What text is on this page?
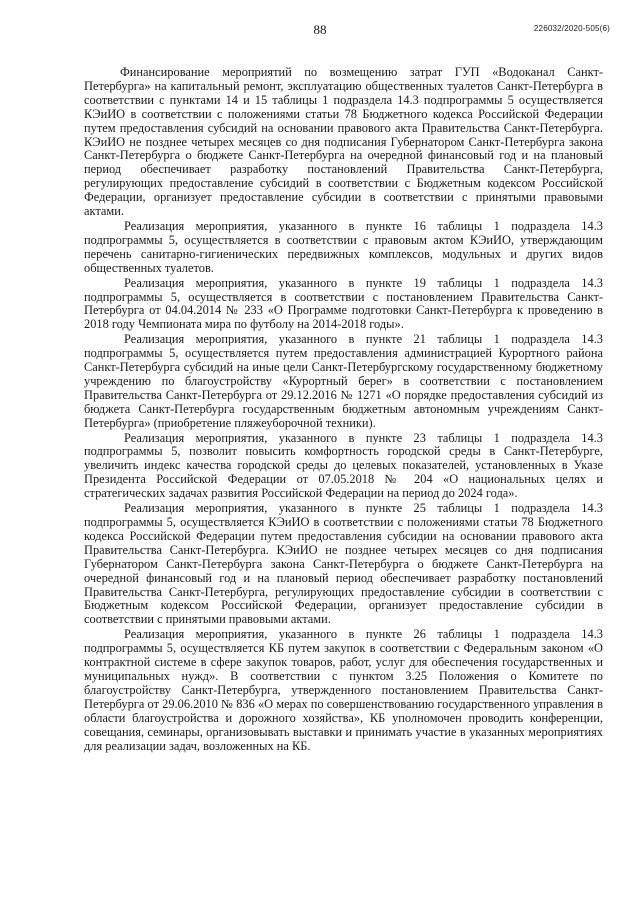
88	226032/2020-505(6)

Финансирование мероприятий по возмещению затрат ГУП «Водоканал Санкт-Петербурга» на капитальный ремонт, эксплуатацию общественных туалетов Санкт-Петербурга в соответствии с пунктами 14 и 15 таблицы 1 подраздела 14.3 подпрограммы 5 осуществляется КЭиИО в соответствии с положениями статьи 78 Бюджетного кодекса Российской Федерации путем предоставления субсидий на основании правового акта Правительства Санкт-Петербурга. КЭиИО не позднее четырех месяцев со дня подписания Губернатором Санкт-Петербурга закона Санкт-Петербурга о бюджете Санкт-Петербурга на очередной финансовый год и на плановый период обеспечивает разработку постановлений Правительства Санкт-Петербурга, регулирующих предоставление субсидий в соответствии с Бюджетным кодексом Российской Федерации, организует предоставление субсидии в соответствии с принятыми правовыми актами.

Реализация мероприятия, указанного в пункте 16 таблицы 1 подраздела 14.3 подпрограммы 5, осуществляется в соответствии с правовым актом КЭиИО, утверждающим перечень санитарно-гигиенических передвижных комплексов, модульных и других видов общественных туалетов.

Реализация мероприятия, указанного в пункте 19 таблицы 1 подраздела 14.3 подпрограммы 5, осуществляется в соответствии с постановлением Правительства Санкт-Петербурга от 04.04.2014 № 233 «О Программе подготовки Санкт-Петербурга к проведению в 2018 году Чемпионата мира по футболу на 2014-2018 годы».

Реализация мероприятия, указанного в пункте 21 таблицы 1 подраздела 14.3 подпрограммы 5, осуществляется путем предоставления администрацией Курортного района Санкт-Петербурга субсидий на иные цели Санкт-Петербургскому государственному бюджетному учреждению по благоустройству «Курортный берег» в соответствии с постановлением Правительства Санкт-Петербурга от 29.12.2016 № 1271 «О порядке предоставления субсидий из бюджета Санкт-Петербурга государственным бюджетным автономным учреждениям Санкт-Петербурга» (приобретение пляжеуборочной техники).

Реализация мероприятия, указанного в пункте 23 таблицы 1 подраздела 14.3 подпрограммы 5, позволит повысить комфортность городской среды в Санкт-Петербурге, увеличить индекс качества городской среды до целевых показателей, установленных в Указе Президента Российской Федерации от 07.05.2018 № 204 «О национальных целях и стратегических задачах развития Российской Федерации на период до 2024 года».

Реализация мероприятия, указанного в пункте 25 таблицы 1 подраздела 14.3 подпрограммы 5, осуществляется КЭиИО в соответствии с положениями статьи 78 Бюджетного кодекса Российской Федерации путем предоставления субсидии на основании правового акта Правительства Санкт-Петербурга. КЭиИО не позднее четырех месяцев со дня подписания Губернатором Санкт-Петербурга закона Санкт-Петербурга о бюджете Санкт-Петербурга на очередной финансовый год и на плановый период обеспечивает разработку постановлений Правительства Санкт-Петербурга, регулирующих предоставление субсидии в соответствии с Бюджетным кодексом Российской Федерации, организует предоставление субсидии в соответствии с принятыми правовыми актами.

Реализация мероприятия, указанного в пункте 26 таблицы 1 подраздела 14.3 подпрограммы 5, осуществляется КБ путем закупок в соответствии с Федеральным законом «О контрактной системе в сфере закупок товаров, работ, услуг для обеспечения государственных и муниципальных нужд». В соответствии с пунктом 3.25 Положения о Комитете по благоустройству Санкт-Петербурга, утвержденного постановлением Правительства Санкт-Петербурга от 29.06.2010 № 836 «О мерах по совершенствованию государственного управления в области благоустройства и дорожного хозяйства», КБ уполномочен проводить конференции, совещания, семинары, организовывать выставки и принимать участие в указанных мероприятиях для реализации задач, возложенных на КБ.
